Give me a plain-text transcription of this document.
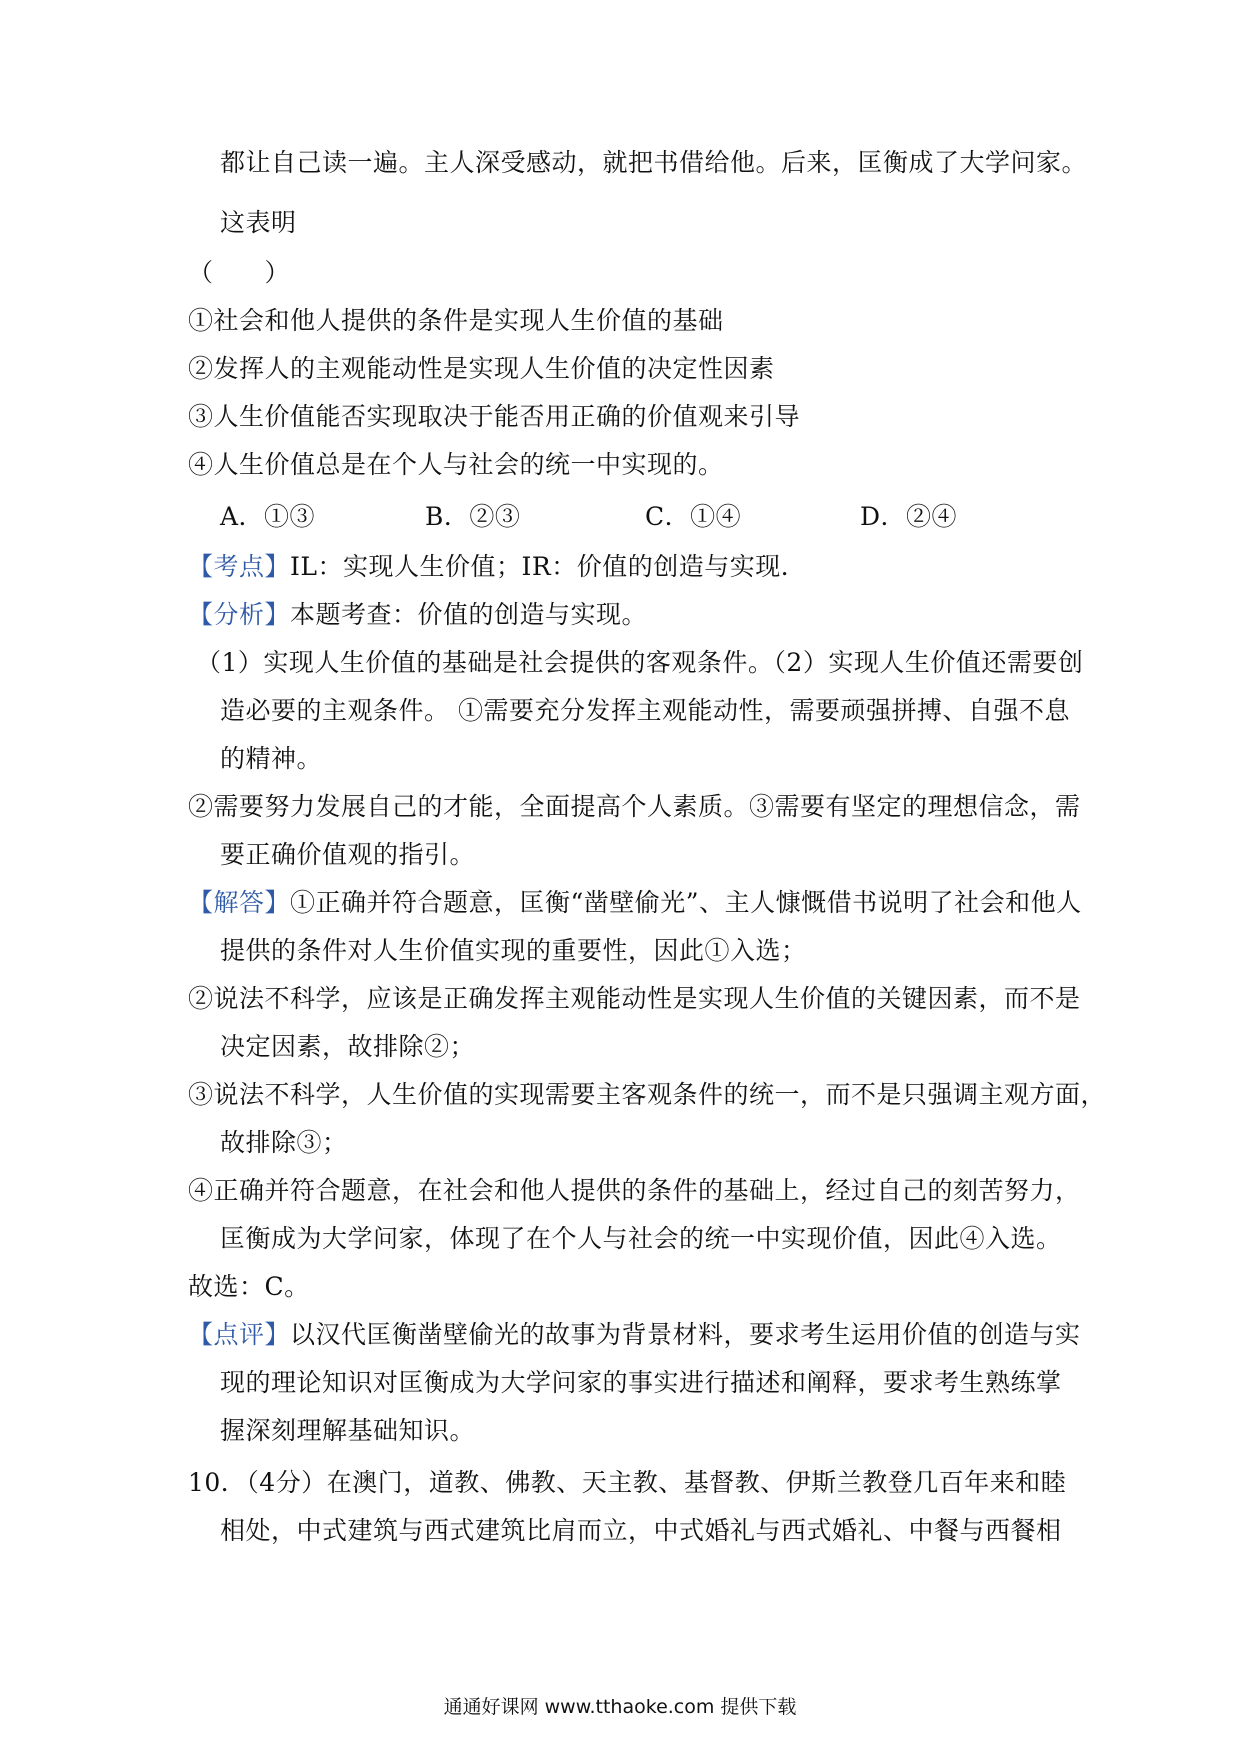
都让自己读一遍。主人深受感动，就把书借给他。后来，匡衡成了大学问家。
这表明
（　　）
①社会和他人提供的条件是实现人生价值的基础
②发挥人的主观能动性是实现人生价值的决定性因素
③人生价值能否实现取决于能否用正确的价值观来引导
④人生价值总是在个人与社会的统一中实现的。
A．①③	B．②③	C．①④	D．②④
【考点】IL：实现人生价值；IR：价值的创造与实现．
【分析】本题考查：价值的创造与实现。
（1）实现人生价值的基础是社会提供的客观条件。（2）实现人生价值还需要创
造必要的主观条件。 ①需要充分发挥主观能动性，需要顽强拼搏、自强不息
的精神。
②需要努力发展自己的才能，全面提高个人素质。③需要有坚定的理想信念，需
要正确价值观的指引。
【解答】①正确并符合题意，匡衡“凿壁偷光”、主人慷慨借书说明了社会和他人
提供的条件对人生价值实现的重要性，因此①入选；
②说法不科学，应该是正确发挥主观能动性是实现人生价值的关键因素，而不是
决定因素，故排除②；
③说法不科学，人生价值的实现需要主客观条件的统一，而不是只强调主观方面，
故排除③；
④正确并符合题意，在社会和他人提供的条件的基础上，经过自己的刻苦努力，
匡衡成为大学问家，体现了在个人与社会的统一中实现价值，因此④入选。
故选：C。
【点评】以汉代匡衡凿壁偷光的故事为背景材料，要求考生运用价值的创造与实
现的理论知识对匡衡成为大学问家的事实进行描述和阐释，要求考生熟练掌
握深刻理解基础知识。
10．（4分）在澳门，道教、佛教、天主教、基督教、伊斯兰教登几百年来和睦
相处，中式建筑与西式建筑比肩而立，中式婚礼与西式婚礼、中餐与西餐相
通通好课网 www.tthaoke.com 提供下载
